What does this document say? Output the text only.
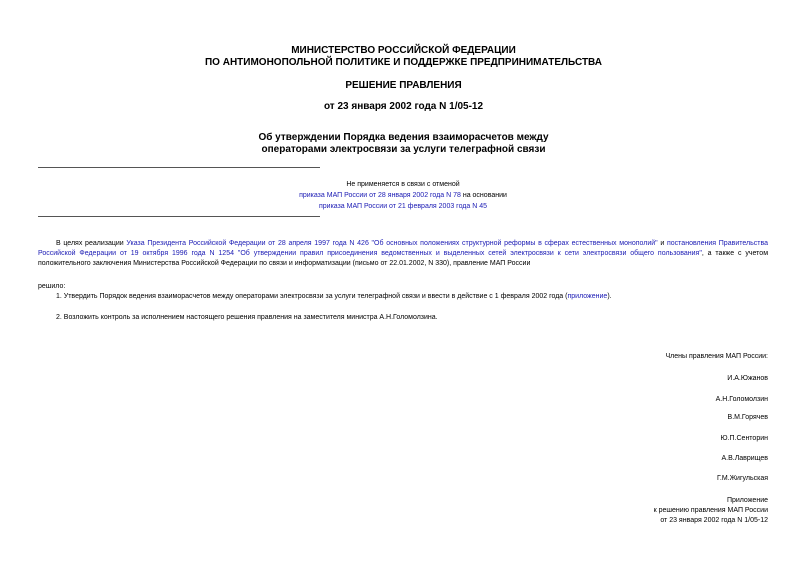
МИНИСТЕРСТВО РОССИЙСКОЙ ФЕДЕРАЦИИ
ПО АНТИМОНОПОЛЬНОЙ ПОЛИТИКЕ И ПОДДЕРЖКЕ ПРЕДПРИНИМАТЕЛЬСТВА
РЕШЕНИЕ ПРАВЛЕНИЯ
от 23 января 2002 года N 1/05-12
Об утверждении Порядка ведения взаиморасчетов между
операторами электросвязи за услуги телеграфной связи
Не применяется в связи с отменой
приказа МАП России от 28 января 2002 года N 78 на основании
приказа МАП России от 21 февраля 2003 года N 45
В целях реализации Указа Президента Российской Федерации от 28 апреля 1997 года N 426 "Об основных положениях структурной реформы в сферах естественных монополий" и постановления Правительства Российской Федерации от 19 октября 1996 года N 1254 "Об утверждении правил присоединения ведомственных и выделенных сетей электросвязи к сети электросвязи общего пользования", а также с учетом положительного заключения Министерства Российской Федерации по связи и информатизации (письмо от 22.01.2002, N 330), правление МАП России
решило:
1. Утвердить Порядок ведения взаиморасчетов между операторами электросвязи за услуги телеграфной связи и ввести в действие с 1 февраля 2002 года (приложение).
2. Возложить контроль за исполнением настоящего решения правления на заместителя министра А.Н.Голомолзина.
Члены правления МАП России:
И.А.Южанов
А.Н.Голомолзин
В.М.Горячев
Ю.П.Сенторин
А.В.Лаврищев
Г.М.Жигульская
Приложение
к решению правления МАП России
от 23 января 2002 года N 1/05-12
